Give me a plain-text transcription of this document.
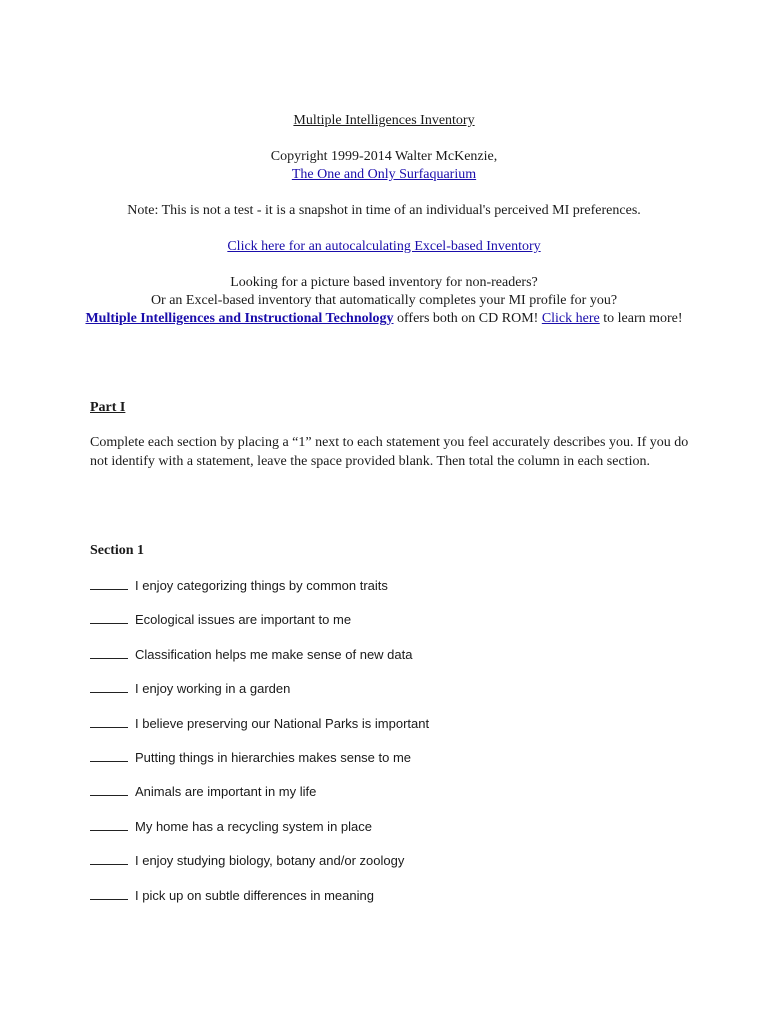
Multiple Intelligences Inventory
Copyright 1999-2014 Walter McKenzie,
The One and Only Surfaquarium
Note: This is not a test - it is a snapshot in time of an individual's perceived MI preferences.
Click here for an autocalculating Excel-based Inventory
Looking for a picture based inventory for non-readers?
Or an Excel-based inventory that automatically completes your MI profile for you?
Multiple Intelligences and Instructional Technology offers both on CD ROM! Click here to learn more!
Part I
Complete each section by placing a “1” next to each statement you feel accurately describes you. If you do not identify with a statement, leave the space provided blank. Then total the column in each section.
Section 1
I enjoy categorizing things by common traits
Ecological issues are important to me
Classification helps me make sense of new data
I enjoy working in a garden
I believe preserving our National Parks is important
Putting things in hierarchies makes sense to me
Animals are important in my life
My home has a recycling system in place
I enjoy studying biology, botany and/or zoology
I pick up on subtle differences in meaning
